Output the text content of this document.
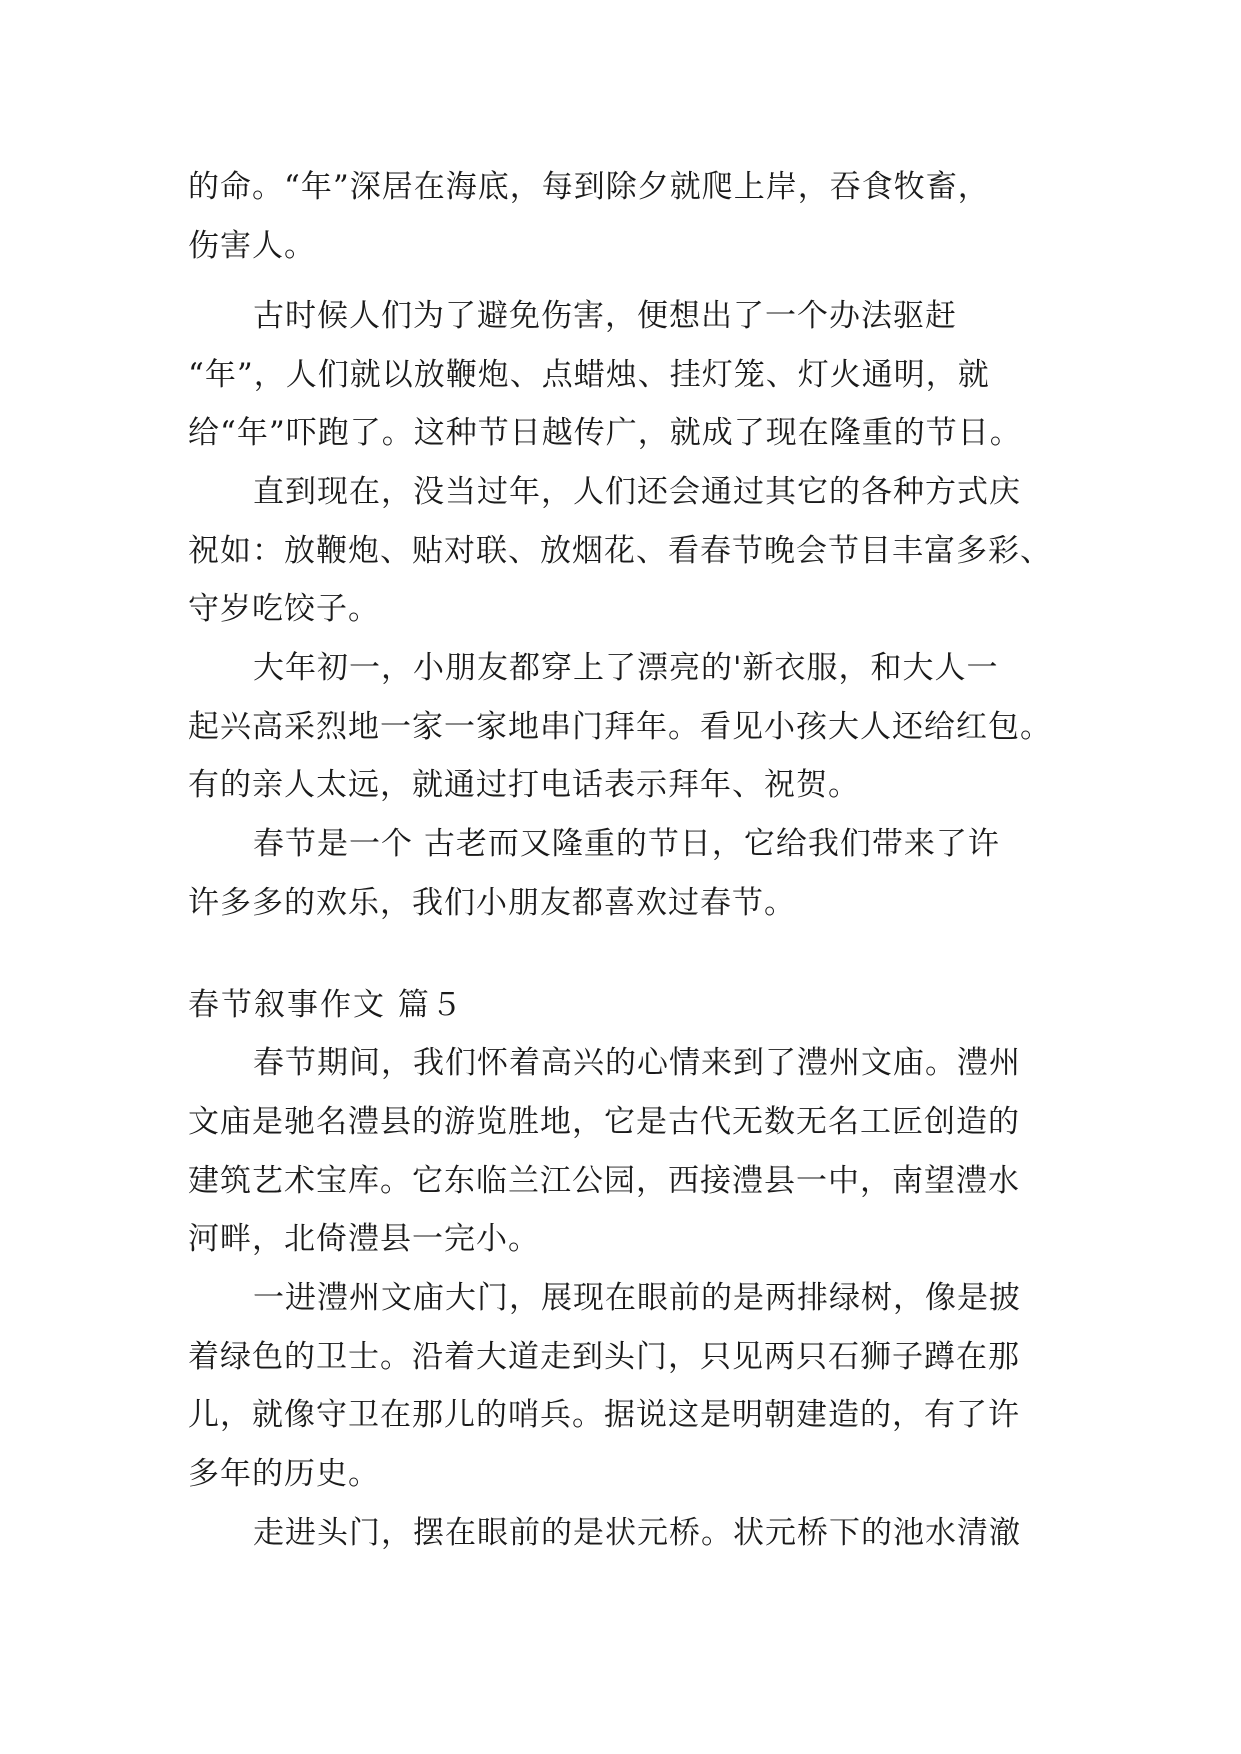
的命。“年”深居在海底，每到除夕就爬上岸，吞食牧畜，
伤害人。
古时候人们为了避免伤害，便想出了一个办法驱赶
“年”，人们就以放鞭炮、点蜡烛、挂灯笼、灯火通明，就
给“年”吓跑了。这种节日越传广，就成了现在隆重的节日。
直到现在，没当过年，人们还会通过其它的各种方式庆
祝如：放鞭炮、贴对联、放烟花、看春节晚会节目丰富多彩、
守岁吃饺子。
大年初一，小朋友都穿上了漂亮的'新衣服，和大人一
起兴高采烈地一家一家地串门拜年。看见小孩大人还给红包。
有的亲人太远，就通过打电话表示拜年、祝贺。
春节是一个 古老而又隆重的节日，它给我们带来了许
许多多的欢乐，我们小朋友都喜欢过春节。
春节叙事作文 篇５
春节期间，我们怀着高兴的心情来到了澧州文庙。澧州
文庙是驰名澧县的游览胜地，它是古代无数无名工匠创造的
建筑艺术宝库。它东临兰江公园，西接澧县一中，南望澧水
河畔，北倚澧县一完小。
一进澧州文庙大门，展现在眼前的是两排绿树，像是披
着绿色的卫士。沿着大道走到头门，只见两只石狮子蹲在那
儿，就像守卫在那儿的哨兵。据说这是明朝建造的，有了许
多年的历史。
走进头门，摆在眼前的是状元桥。状元桥下的池水清澈
